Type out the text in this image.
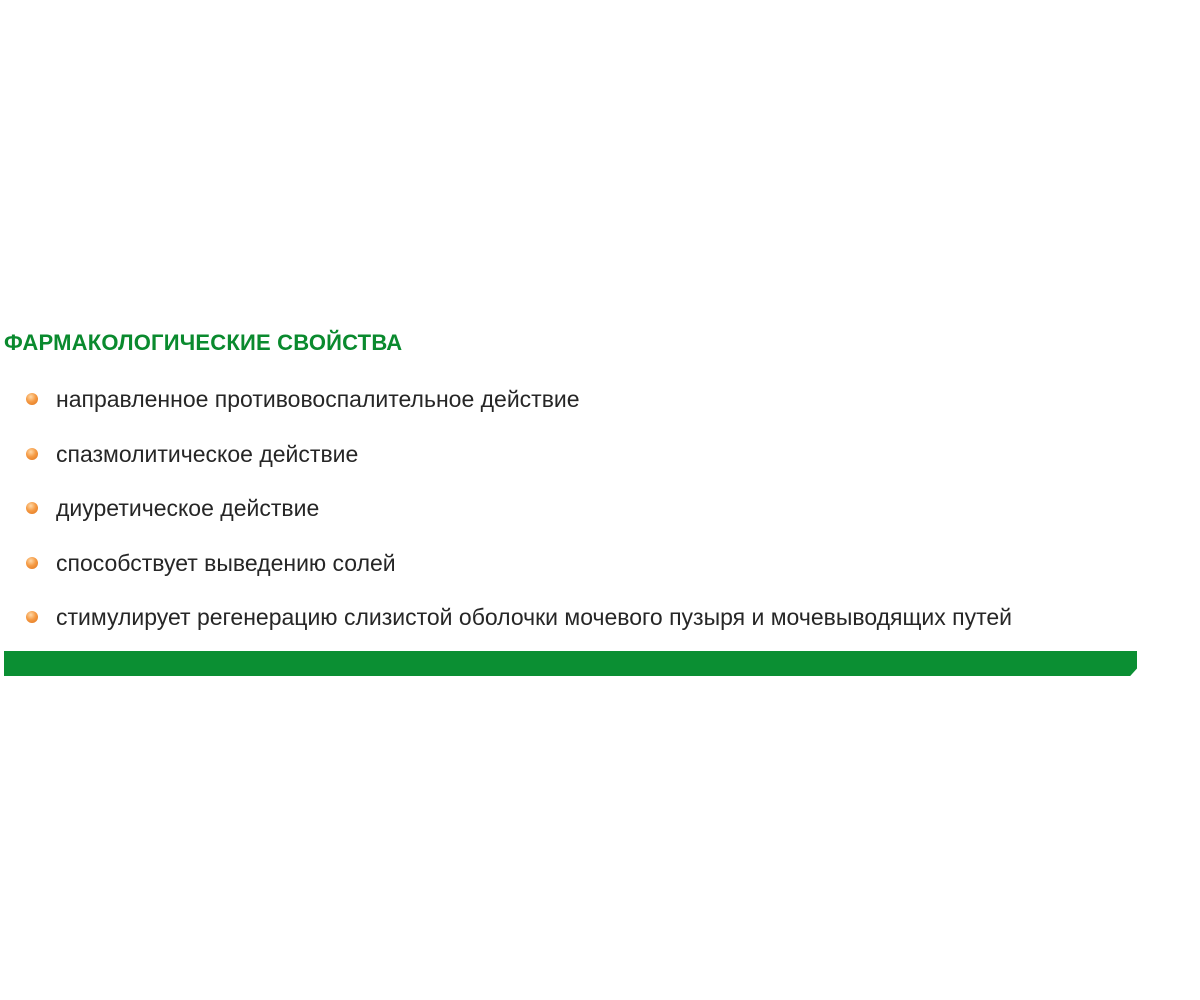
ФАРМАКОЛОГИЧЕСКИЕ СВОЙСТВА
направленное противовоспалительное действие
спазмолитическое действие
диуретическое действие
способствует выведению солей
стимулирует регенерацию слизистой оболочки мочевого пузыря и мочевыводящих путей
